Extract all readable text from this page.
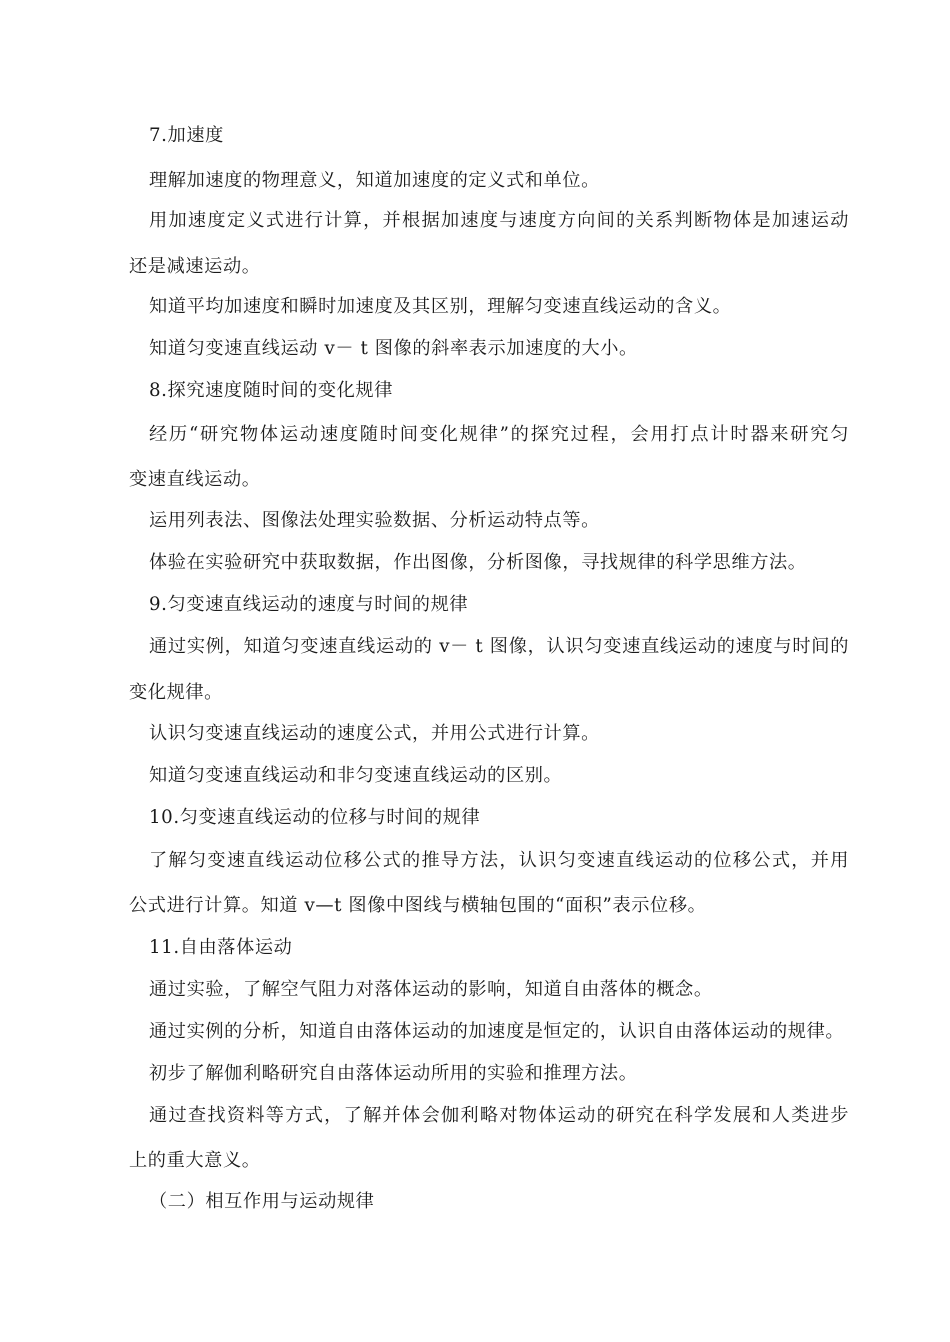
7.加速度
理解加速度的物理意义，知道加速度的定义式和单位。
用加速度定义式进行计算，并根据加速度与速度方向间的关系判断物体是加速运动
还是减速运动。
知道平均加速度和瞬时加速度及其区别，理解匀变速直线运动的含义。
知道匀变速直线运动 v－ t 图像的斜率表示加速度的大小。
8.探究速度随时间的变化规律
经历“研究物体运动速度随时间变化规律”的探究过程，会用打点计时器来研究匀
变速直线运动。
运用列表法、图像法处理实验数据、分析运动特点等。
体验在实验研究中获取数据，作出图像，分析图像，寻找规律的科学思维方法。
9.匀变速直线运动的速度与时间的规律
通过实例，知道匀变速直线运动的 v－ t 图像，认识匀变速直线运动的速度与时间的
变化规律。
认识匀变速直线运动的速度公式，并用公式进行计算。
知道匀变速直线运动和非匀变速直线运动的区别。
10.匀变速直线运动的位移与时间的规律
了解匀变速直线运动位移公式的推导方法，认识匀变速直线运动的位移公式，并用
公式进行计算。知道 v—t 图像中图线与横轴包围的“面积”表示位移。
11.自由落体运动
通过实验，了解空气阻力对落体运动的影响，知道自由落体的概念。
通过实例的分析，知道自由落体运动的加速度是恒定的，认识自由落体运动的规律。
初步了解伽利略研究自由落体运动所用的实验和推理方法。
通过查找资料等方式，了解并体会伽利略对物体运动的研究在科学发展和人类进步
上的重大意义。
（二）相互作用与运动规律
